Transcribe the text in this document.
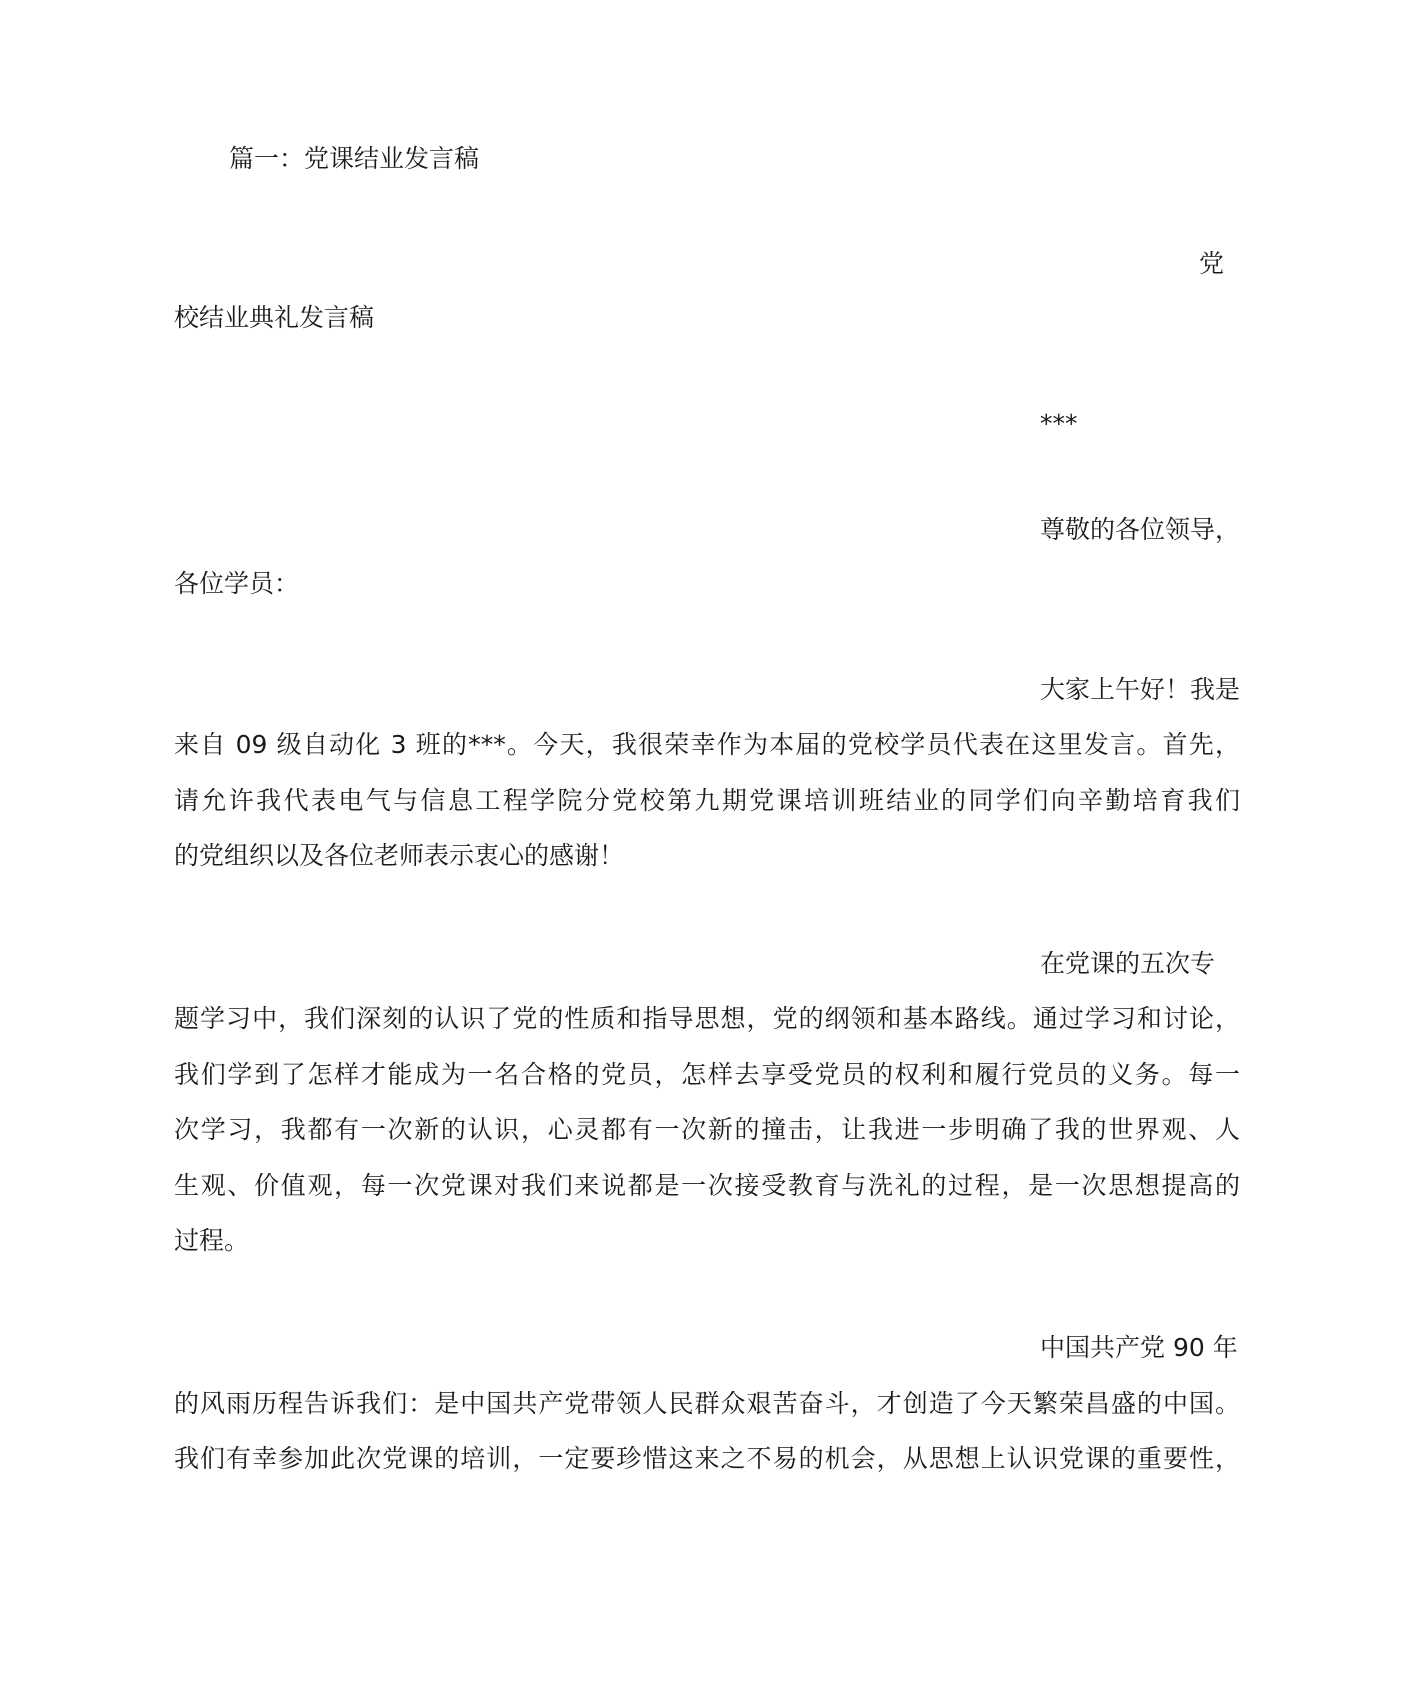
篇一：党课结业发言稿
党
校结业典礼发言稿
***
尊敬的各位领导，
各位学员：
大家上午好！我是
来自 09 级自动化 3 班的***。今天，我很荣幸作为本届的党校学员代表在这里发言。首先，
请允许我代表电气与信息工程学院分党校第九期党课培训班结业的同学们向辛勤培育我们
的党组织以及各位老师表示衷心的感谢！
在党课的五次专
题学习中，我们深刻的认识了党的性质和指导思想，党的纲领和基本路线。通过学习和讨论，
我们学到了怎样才能成为一名合格的党员，怎样去享受党员的权利和履行党员的义务。每一
次学习，我都有一次新的认识，心灵都有一次新的撞击，让我进一步明确了我的世界观、人
生观、价值观，每一次党课对我们来说都是一次接受教育与洗礼的过程，是一次思想提高的
过程。
中国共产党 90 年
的风雨历程告诉我们：是中国共产党带领人民群众艰苦奋斗，才创造了今天繁荣昌盛的中国。
我们有幸参加此次党课的培训，一定要珍惜这来之不易的机会，从思想上认识党课的重要性，
